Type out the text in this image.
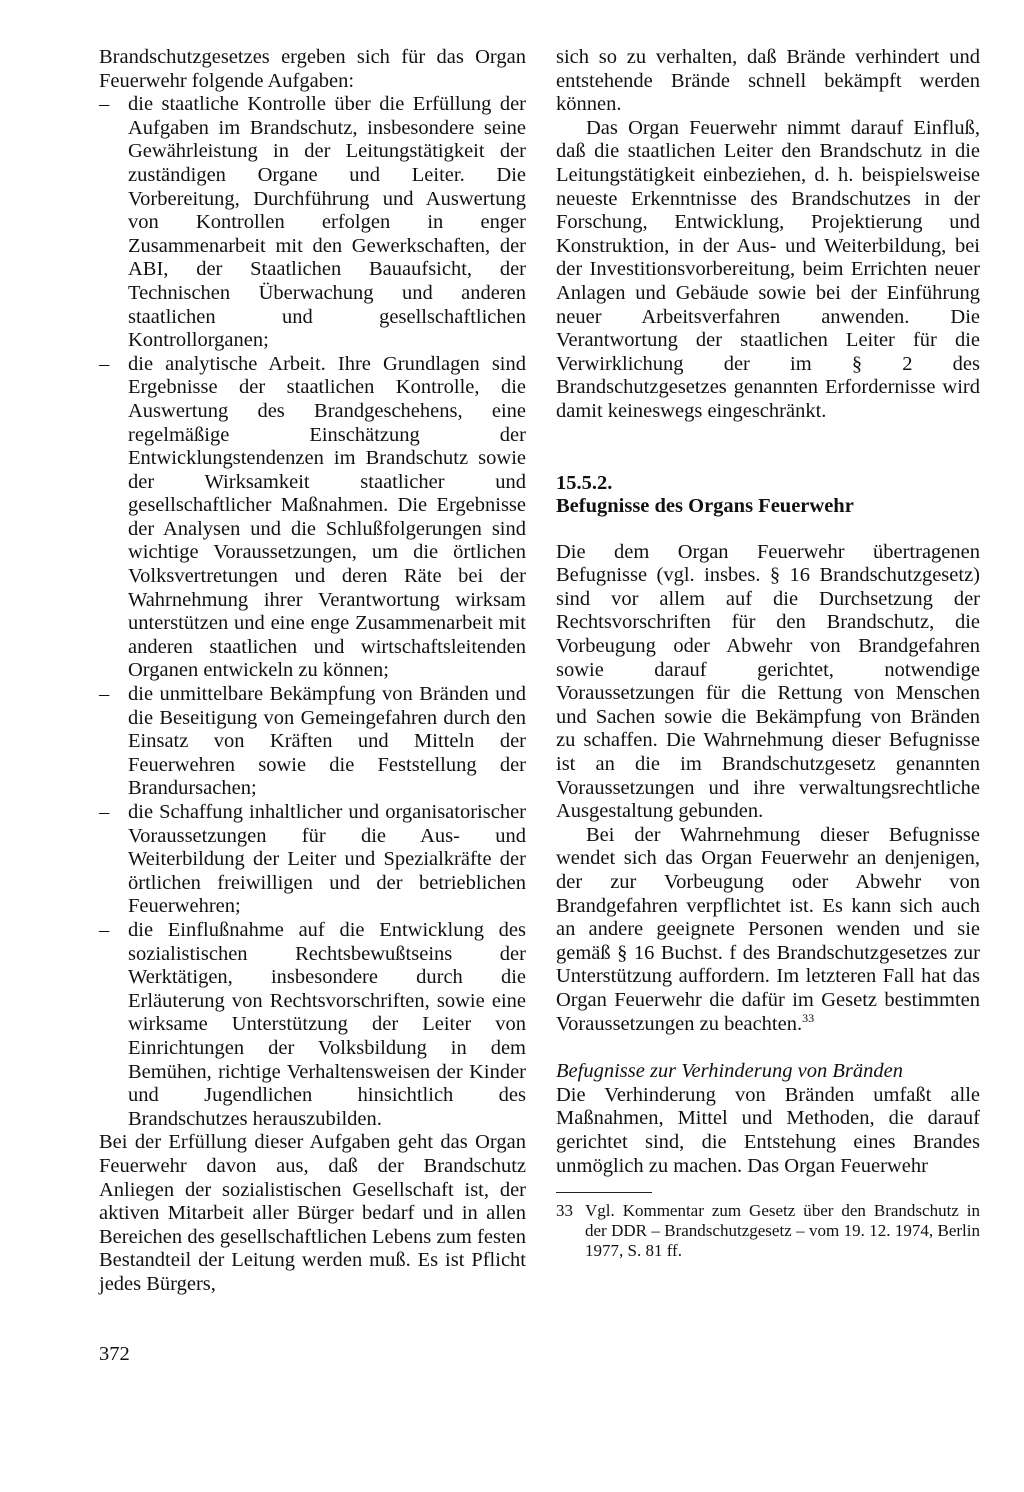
Brandschutzgesetzes ergeben sich für das Organ Feuerwehr folgende Aufgaben:

– die staatliche Kontrolle über die Erfüllung der Aufgaben im Brandschutz, insbesondere seine Gewährleistung in der Leitungstätigkeit der zuständigen Organe und Leiter. Die Vorbereitung, Durchführung und Auswertung von Kontrollen erfolgen in enger Zusammenarbeit mit den Gewerkschaften, der ABI, der Staatlichen Bauaufsicht, der Technischen Überwachung und anderen staatlichen und gesellschaftlichen Kontrollorganen;
– die analytische Arbeit. Ihre Grundlagen sind Ergebnisse der staatlichen Kontrolle, die Auswertung des Brandgeschehens, eine regelmäßige Einschätzung der Entwicklungstendenzen im Brandschutz sowie der Wirksamkeit staatlicher und gesellschaftlicher Maßnahmen. Die Ergebnisse der Analysen und die Schlußfolgerungen sind wichtige Voraussetzungen, um die örtlichen Volksvertretungen und deren Räte bei der Wahrnehmung ihrer Verantwortung wirksam unterstützen und eine enge Zusammenarbeit mit anderen staatlichen und wirtschaftsleitenden Organen entwickeln zu können;
– die unmittelbare Bekämpfung von Bränden und die Beseitigung von Gemeingefahren durch den Einsatz von Kräften und Mitteln der Feuerwehren sowie die Feststellung der Brandursachen;
– die Schaffung inhaltlicher und organisatorischer Voraussetzungen für die Aus- und Weiterbildung der Leiter und Spezialkräfte der örtlichen freiwilligen und der betrieblichen Feuerwehren;
– die Einflußnahme auf die Entwicklung des sozialistischen Rechtsbewußtseins der Werktätigen, insbesondere durch die Erläuterung von Rechtsvorschriften, sowie eine wirksame Unterstützung der Leiter von Einrichtungen der Volksbildung in dem Bemühen, richtige Verhaltensweisen der Kinder und Jugendlichen hinsichtlich des Brandschutzes herauszubilden.

Bei der Erfüllung dieser Aufgaben geht das Organ Feuerwehr davon aus, daß der Brandschutz Anliegen der sozialistischen Gesellschaft ist, der aktiven Mitarbeit aller Bürger bedarf und in allen Bereichen des gesellschaftlichen Lebens zum festen Bestandteil der Leitung werden muß. Es ist Pflicht jedes Bürgers,

sich so zu verhalten, daß Brände verhindert und entstehende Brände schnell bekämpft werden können.

Das Organ Feuerwehr nimmt darauf Einfluß, daß die staatlichen Leiter den Brandschutz in die Leitungstätigkeit einbeziehen, d. h. beispielsweise neueste Erkenntnisse des Brandschutzes in der Forschung, Entwicklung, Projektierung und Konstruktion, in der Aus- und Weiterbildung, bei der Investitionsvorbereitung, beim Errichten neuer Anlagen und Gebäude sowie bei der Einführung neuer Arbeitsverfahren anwenden. Die Verantwortung der staatlichen Leiter für die Verwirklichung der im § 2 des Brandschutzgesetzes genannten Erfordernisse wird damit keineswegs eingeschränkt.

15.5.2.

Befugnisse des Organs Feuerwehr

Die dem Organ Feuerwehr übertragenen Befugnisse (vgl. insbes. § 16 Brandschutzgesetz) sind vor allem auf die Durchsetzung der Rechtsvorschriften für den Brandschutz, die Vorbeugung oder Abwehr von Brandgefahren sowie darauf gerichtet, notwendige Voraussetzungen für die Rettung von Menschen und Sachen sowie die Bekämpfung von Bränden zu schaffen. Die Wahrnehmung dieser Befugnisse ist an die im Brandschutzgesetz genannten Voraussetzungen und ihre verwaltungsrechtliche Ausgestaltung gebunden.

Bei der Wahrnehmung dieser Befugnisse wendet sich das Organ Feuerwehr an denjenigen, der zur Vorbeugung oder Abwehr von Brandgefahren verpflichtet ist. Es kann sich auch an andere geeignete Personen wenden und sie gemäß § 16 Buchst. f des Brandschutzgesetzes zur Unterstützung auffordern. Im letzteren Fall hat das Organ Feuerwehr die dafür im Gesetz bestimmten Voraussetzungen zu beachten.$^{33}$

Befugnisse zur Verhinderung von Bränden

Die Verhinderung von Bränden umfaßt alle Maßnahmen, Mittel und Methoden, die darauf gerichtet sind, die Entstehung eines Brandes unmöglich zu machen. Das Organ Feuerwehr

33 Vgl. Kommentar zum Gesetz über den Brandschutz in der DDR – Brandschutzgesetz – vom 19. 12. 1974, Berlin 1977, S. 81 ff.

372
